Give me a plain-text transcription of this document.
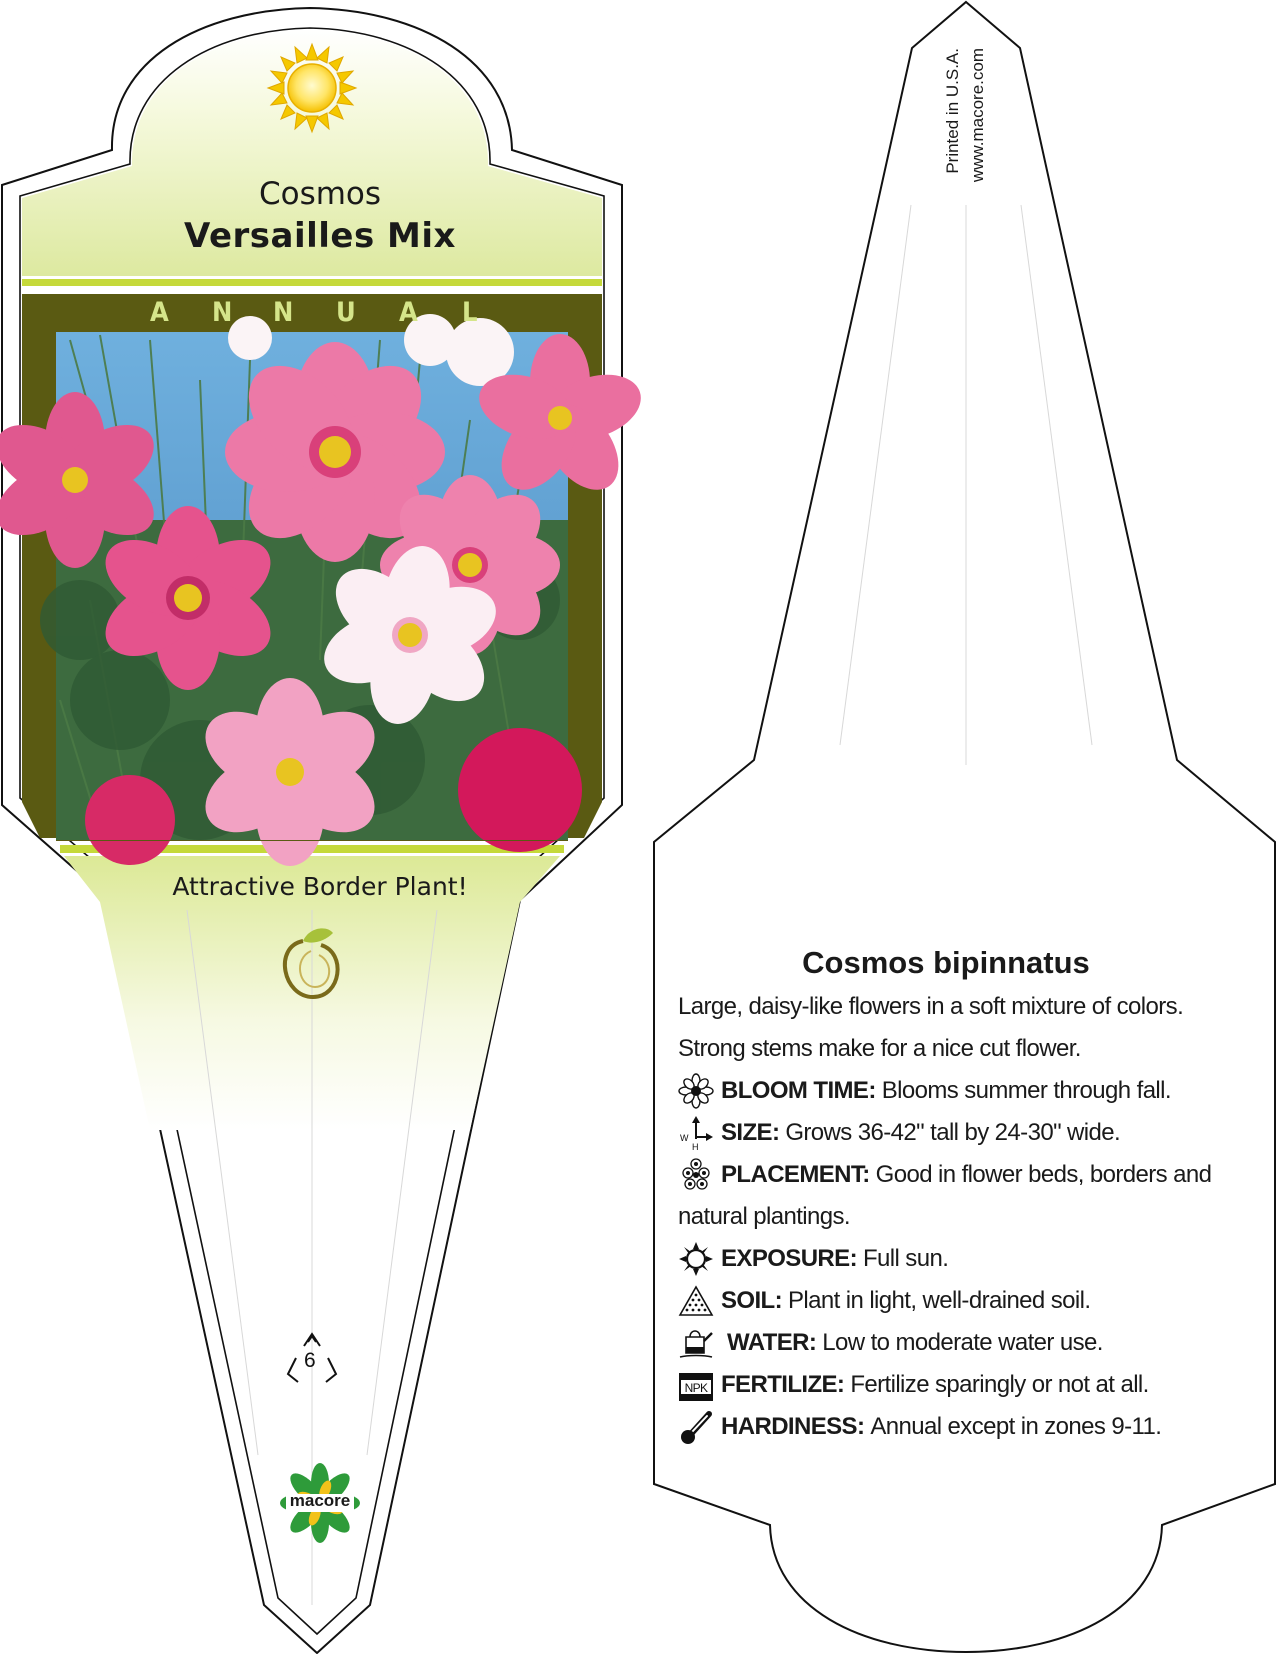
Cosmos
Versailles Mix
A N N U A L
Attractive Border Plant!
6
macore
Printed in U.S.A. www.macore.com
Cosmos bipinnatus
Large, daisy-like flowers in a soft mixture of colors.
Strong stems make for a nice cut flower.
BLOOM TIME: Blooms summer through fall.
W
H
SIZE: Grows 36-42" tall by 24-30" wide.
PLACEMENT: Good in flower beds, borders and
natural plantings.
EXPOSURE: Full sun.
SOIL: Plant in light, well-drained soil.
WATER: Low to moderate water use.
NPK FERTILIZE: Fertilize sparingly or not at all.
HARDINESS: Annual except in zones 9-11.
